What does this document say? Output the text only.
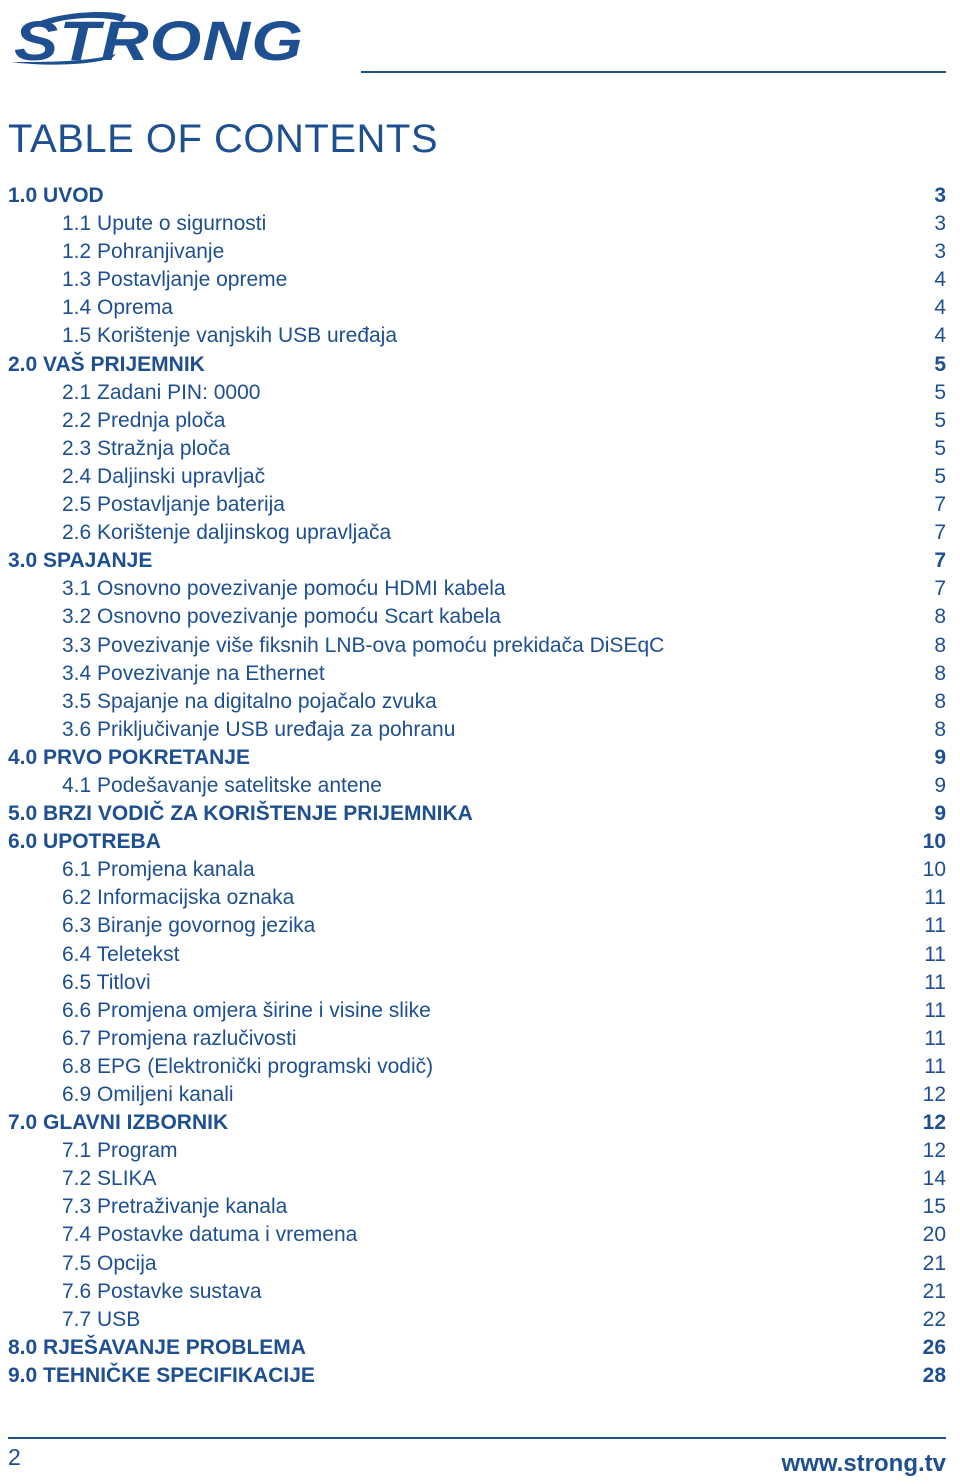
STRONG
TABLE OF CONTENTS
1.0 UVOD	3
1.1 Upute o sigurnosti	3
1.2 Pohranjivanje	3
1.3 Postavljanje opreme	4
1.4 Oprema	4
1.5 Korištenje vanjskih USB uređaja	4
2.0 VAŠ PRIJEMNIK	5
2.1 Zadani PIN: 0000	5
2.2 Prednja ploča	5
2.3 Stražnja ploča	5
2.4 Daljinski upravljač	5
2.5 Postavljanje baterija	7
2.6 Korištenje daljinskog upravljača	7
3.0 SPAJANJE	7
3.1 Osnovno povezivanje pomoću HDMI kabela	7
3.2 Osnovno povezivanje pomoću Scart kabela	8
3.3 Povezivanje više fiksnih LNB-ova pomoću prekidača DiSEqC	8
3.4 Povezivanje na Ethernet	8
3.5 Spajanje na digitalno pojačalo zvuka	8
3.6 Priključivanje USB uređaja za pohranu	8
4.0 PRVO POKRETANJE	9
4.1 Podešavanje satelitske antene	9
5.0 BRZI VODIČ ZA KORIŠTENJE PRIJEMNIKA	9
6.0 UPOTREBA	10
6.1 Promjena kanala	10
6.2 Informacijska oznaka	11
6.3 Biranje govornog jezika	11
6.4 Teletekst	11
6.5 Titlovi	11
6.6 Promjena omjera širine i visine slike	11
6.7 Promjena razlučivosti	11
6.8 EPG (Elektronički programski vodič)	11
6.9 Omiljeni kanali	12
7.0 GLAVNI IZBORNIK	12
7.1 Program	12
7.2 SLIKA	14
7.3 Pretraživanje kanala	15
7.4 Postavke datuma i vremena	20
7.5 Opcija	21
7.6 Postavke sustava	21
7.7 USB	22
8.0 RJEŠAVANJE PROBLEMA	26
9.0 TEHNIČKE SPECIFIKACIJE	28
2	www.strong.tv
